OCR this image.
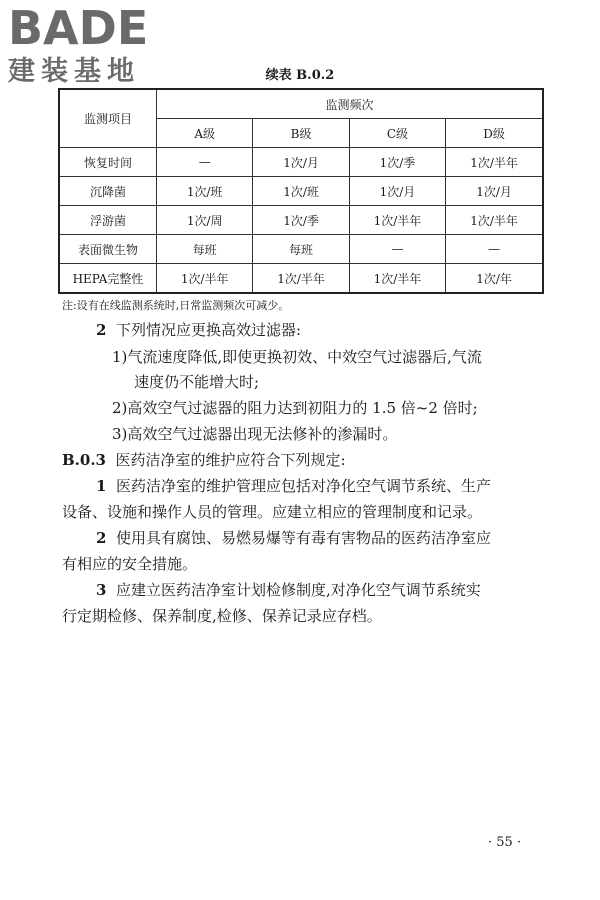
BADE
建装基地	续表 B.0.2
监测项目	监测频次			
	A级	B级	C级	D级
恢复时间	—	1次/月	1次/季	1次/半年
沉降菌	1次/班	1次/班	1次/月	1次/月
浮游菌	1次/周	1次/季	1次/半年	1次/半年
表面微生物	每班	每班	—	—
HEPA完整性	1次/半年	1次/半年	1次/半年	1次/年
注:设有在线监测系统时,日常监测频次可减少。
2 下列情况应更换高效过滤器:
1)气流速度降低,即使更换初效、中效空气过滤器后,气流
速度仍不能增大时;
2)高效空气过滤器的阻力达到初阻力的 1.5 倍~2 倍时;
3)高效空气过滤器出现无法修补的渗漏时。
B.0.3 医药洁净室的维护应符合下列规定:
1 医药洁净室的维护管理应包括对净化空气调节系统、生产
设备、设施和操作人员的管理。应建立相应的管理制度和记录。
2 使用具有腐蚀、易燃易爆等有毒有害物品的医药洁净室应
有相应的安全措施。
3 应建立医药洁净室计划检修制度,对净化空气调节系统实
行定期检修、保养制度,检修、保养记录应存档。
· 55 ·
